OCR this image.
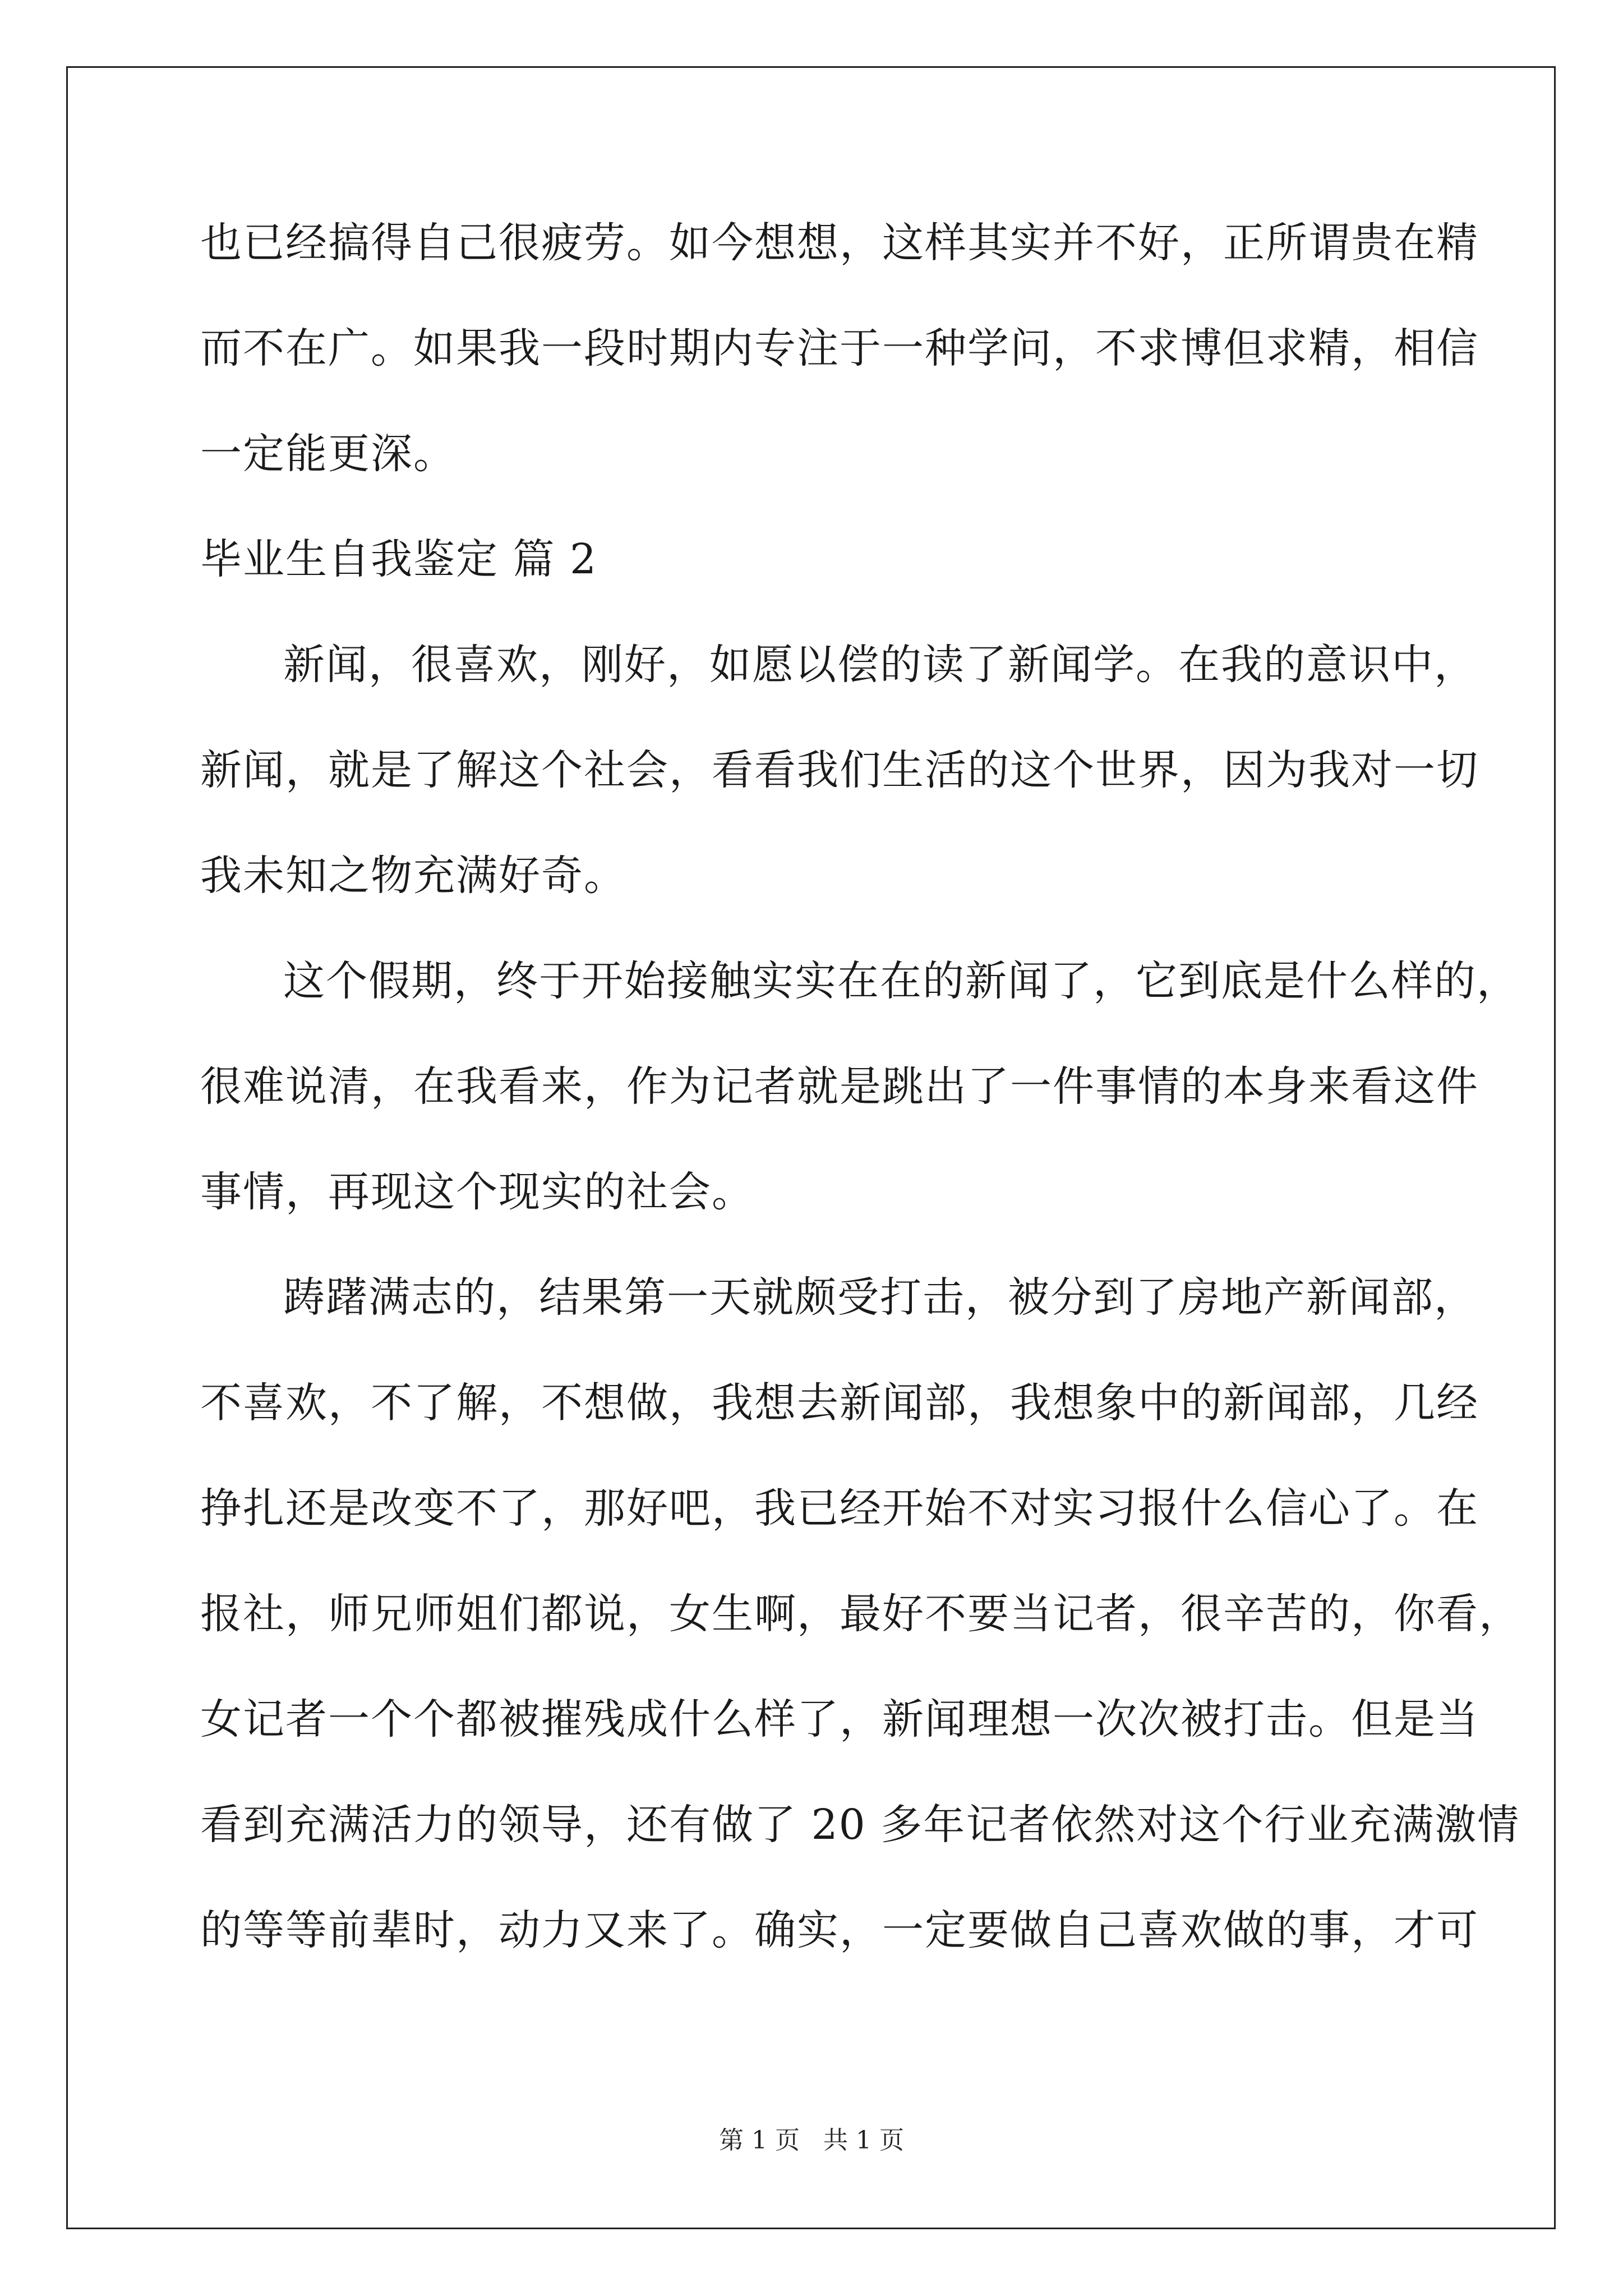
也已经搞得自己很疲劳。如今想想，这样其实并不好，正所谓贵在精
而不在广。如果我一段时期内专注于一种学问，不求博但求精，相信
一定能更深。
毕业生自我鉴定 篇 2
新闻，很喜欢，刚好，如愿以偿的读了新闻学。在我的意识中，
新闻，就是了解这个社会，看看我们生活的这个世界，因为我对一切
我未知之物充满好奇。
这个假期，终于开始接触实实在在的新闻了，它到底是什么样的，
很难说清，在我看来，作为记者就是跳出了一件事情的本身来看这件
事情，再现这个现实的社会。
踌躇满志的，结果第一天就颇受打击，被分到了房地产新闻部，
不喜欢，不了解，不想做，我想去新闻部，我想象中的新闻部，几经
挣扎还是改变不了，那好吧，我已经开始不对实习报什么信心了。在
报社，师兄师姐们都说，女生啊，最好不要当记者，很辛苦的，你看，
女记者一个个都被摧残成什么样了，新闻理想一次次被打击。但是当
看到充满活力的领导，还有做了 20 多年记者依然对这个行业充满激情
的等等前辈时，动力又来了。确实，一定要做自己喜欢做的事，才可
第 1 页   共 1 页
